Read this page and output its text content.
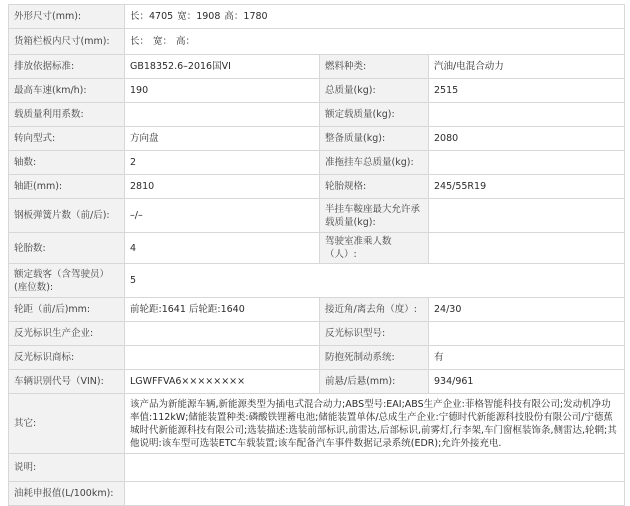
外形尺寸(mm):	长：4705 宽：1908 高：1780		
货箱栏板内尺寸(mm):	长： 宽： 高：		
排放依据标准:	GB18352.6–2016国VI	燃料种类:	汽油/电混合动力
最高车速(km/h):	190	总质量(kg):	2515
载质量利用系数:		额定载质量(kg):	
转向型式:	方向盘	整备质量(kg):	2080
轴数:	2	准拖挂车总质量(kg):	
轴距(mm):	2810	轮胎规格:	245/55R19
钢板弹簧片数（前/后):	–/–	半挂车鞍座最大允许承载质量(kg):	
轮胎数:	4	驾驶室准乘人数（人）:	
额定载客（含驾驶员）(座位数):	5		
轮距（前/后)mm:	前轮距:1641 后轮距:1640	接近角/离去角（度）:	24/30
反光标识生产企业:		反光标识型号:	
反光标识商标:		防抱死制动系统:	有
车辆识别代号（VIN):	LGWFFVA6××××××××	前悬/后悬(mm):	934/961
其它:	该产品为新能源车辆,新能源类型为插电式混合动力;ABS型号:EAI;ABS生产企业:菲格智能科技有限公司;发动机净功率值:112kW;储能装置种类:磷酸铁锂蓄电池;储能装置单体/总成生产企业:宁德时代新能源科技股份有限公司/宁德蕉城时代新能源科技有限公司;选装描述:选装前部标识,前雷达,后部标识,前雾灯,行李架,车门窗框装饰条,侧雷达,轮辋;其他说明:该车型可选装ETC车载装置;该车配备汽车事件数据记录系统(EDR);允许外接充电.		
说明:			
油耗申报值(L/100km):			
